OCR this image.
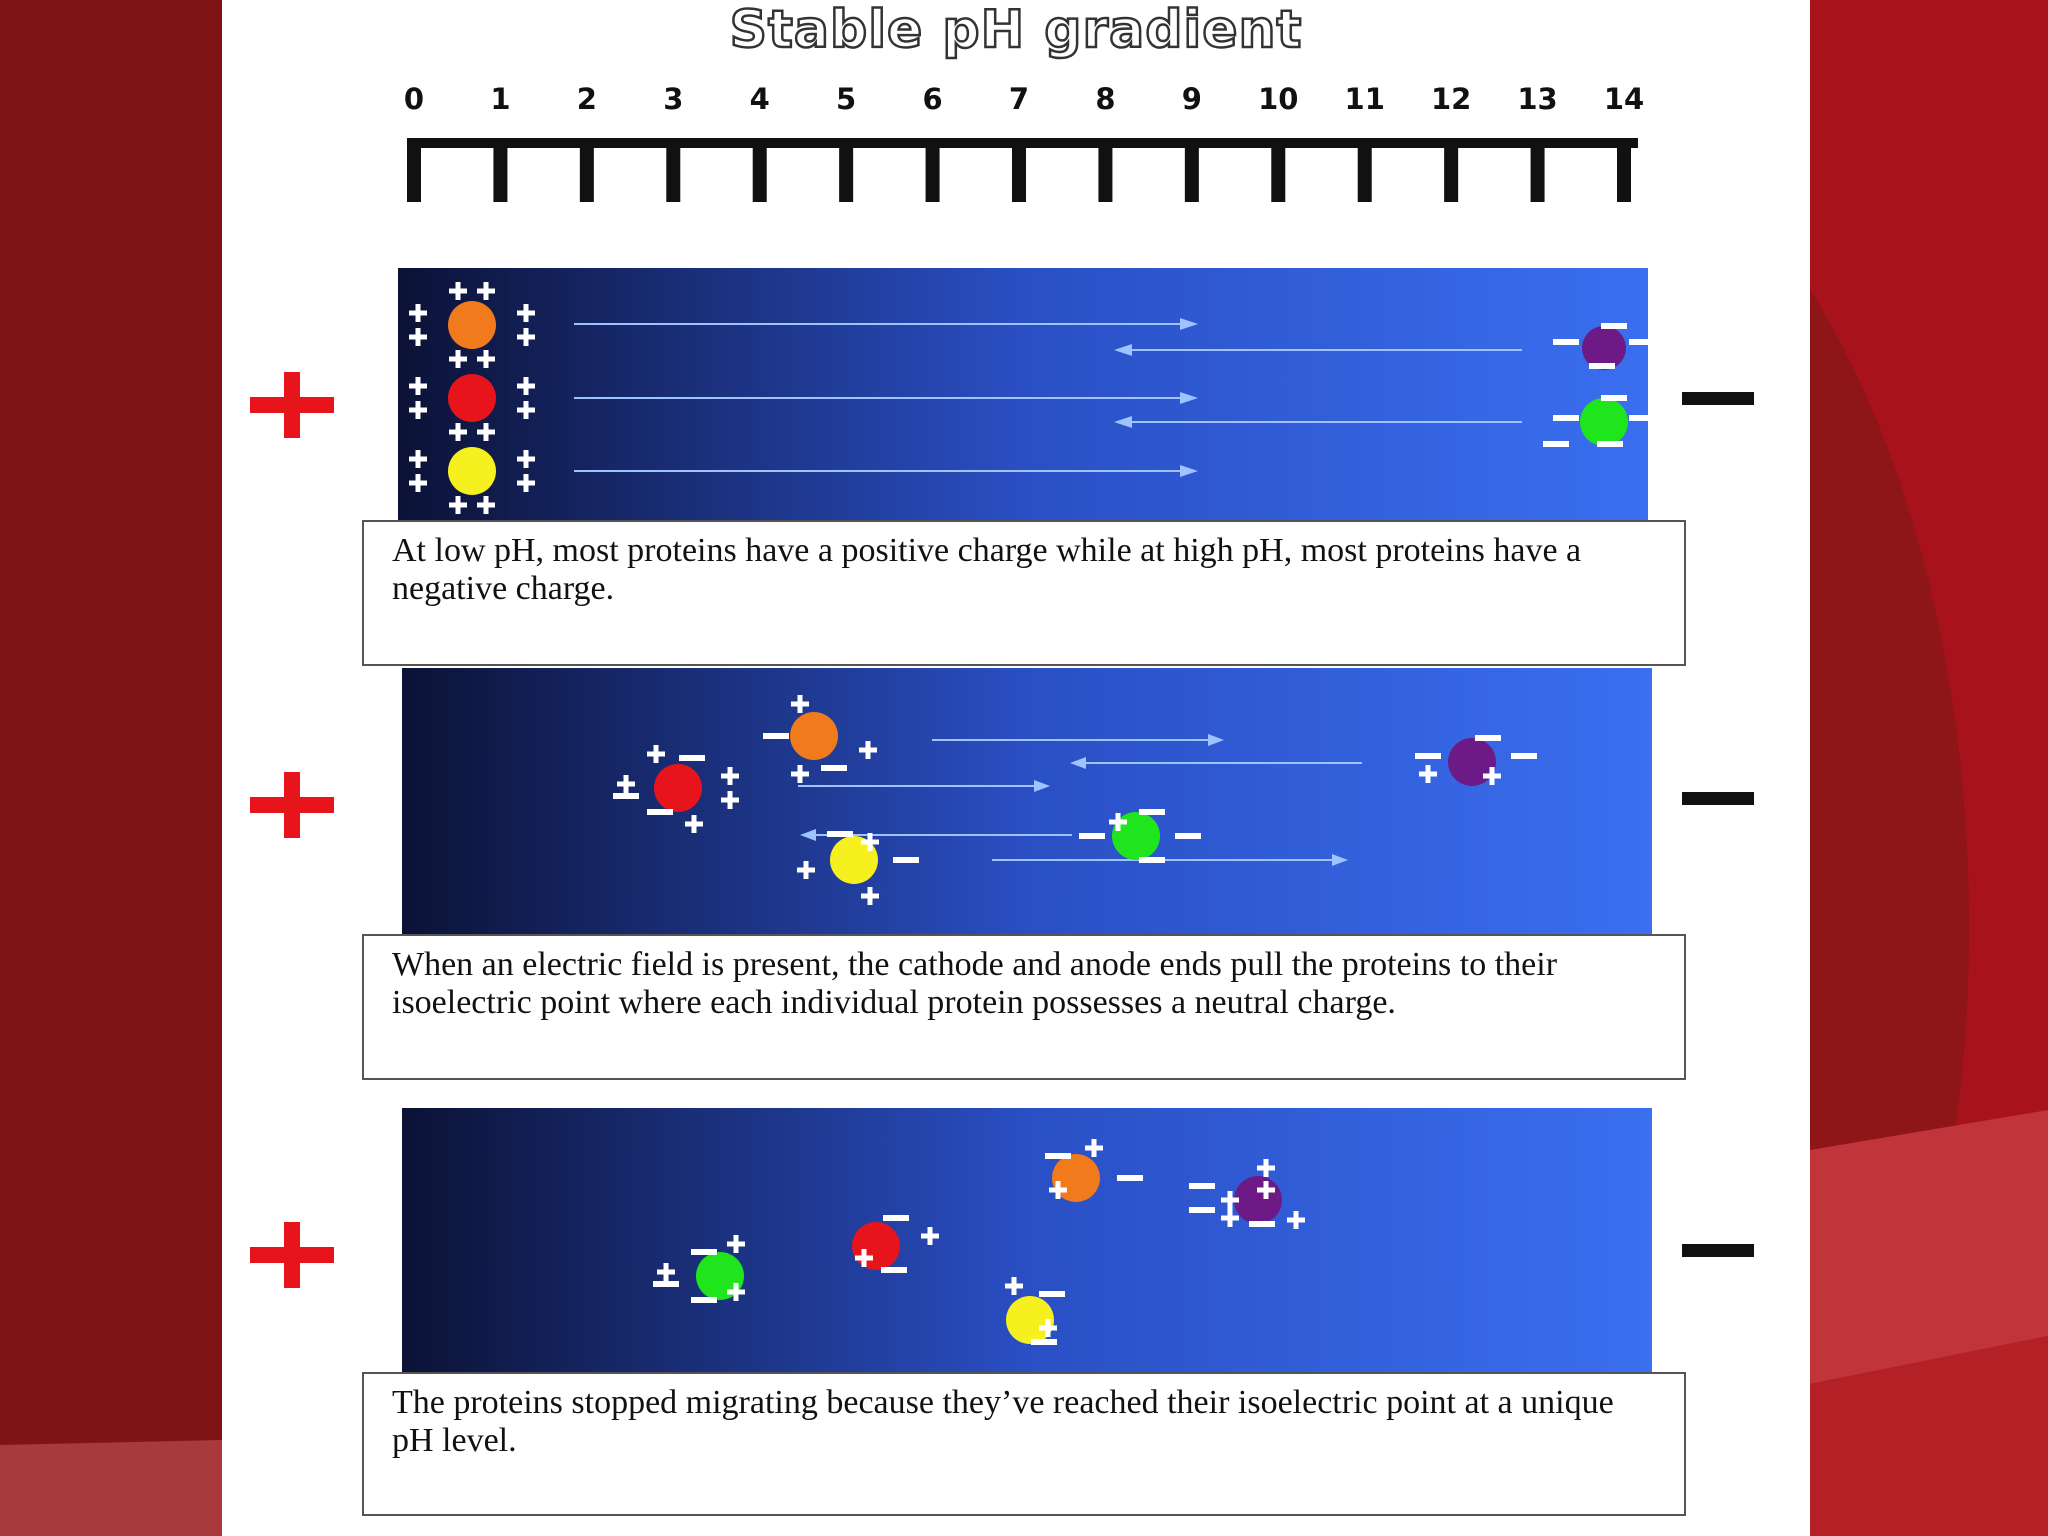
Stable pH gradient
0 1 2 3 4 5 6 7 8 9 10 11 12 13 14
At low pH, most proteins have a positive charge while at high pH, most proteins have a negative charge.
When an electric field is present, the cathode and anode ends pull the proteins to their isoelectric point where each individual protein possesses a neutral charge.
The proteins stopped migrating because they’ve reached their isoelectric point at a unique pH level.
